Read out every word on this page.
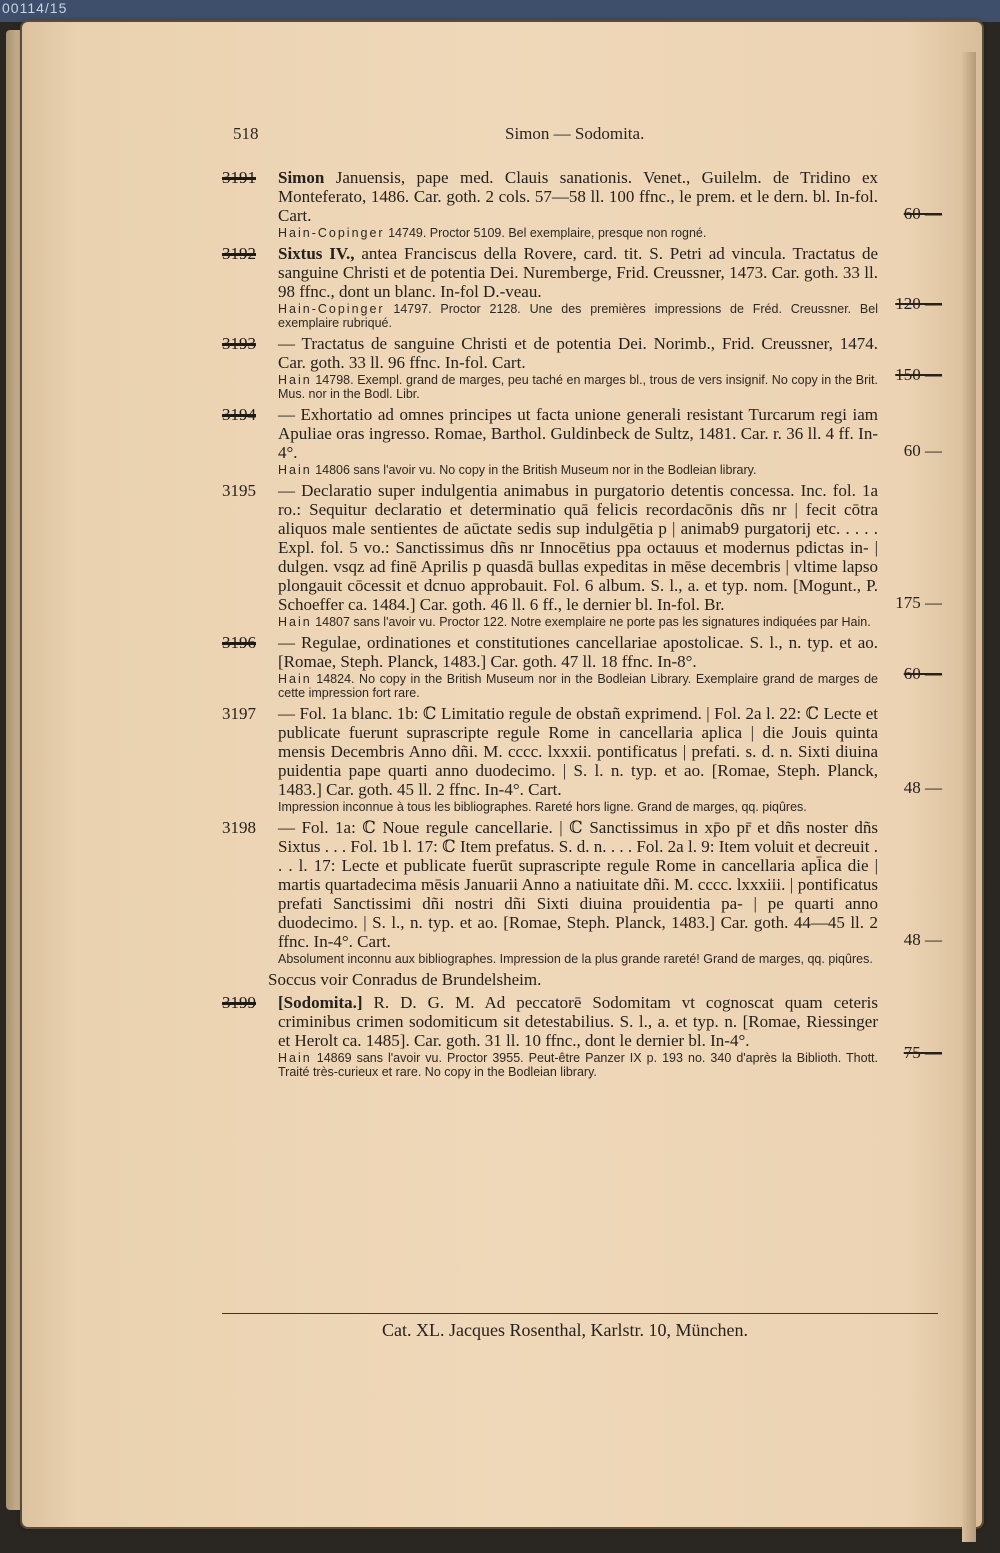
00114/15
518	Simon — Sodomita.
3191	Simon Januensis, pape med. Clauis sanationis. Venet., Guilelm. de Tridino ex Monteferato, 1486. Car. goth. 2 cols. 57—58 ll. 100 ffnc., le prem. et le dern. bl. In-fol. Cart.
Hain-Copinger 14749. Proctor 5109. Bel exemplaire, presque non rogné.
60 —
3192	Sixtus IV., antea Franciscus della Rovere, card. tit. S. Petri ad vincula. Tractatus de sanguine Christi et de potentia Dei. Nuremberge, Frid. Creussner, 1473. Car. goth. 33 ll. 98 ffnc., dont un blanc. In-fol D.-veau.
Hain-Copinger 14797. Proctor 2128. Une des premières impressions de Fréd. Creussner. Bel exemplaire rubriqué.
120 —
3193	— Tractatus de sanguine Christi et de potentia Dei. Norimb., Frid. Creussner, 1474. Car. goth. 33 ll. 96 ffnc. In-fol. Cart.
Hain 14798. Exempl. grand de marges, peu taché en marges bl., trous de vers insignif. No copy in the Brit. Mus. nor in the Bodl. Libr.
150 —
3194	— Exhortatio ad omnes principes ut facta unione generali resistant Turcarum regi iam Apuliae oras ingresso. Romae, Barthol. Guldinbeck de Sultz, 1481. Car. r. 36 ll. 4 ff. In-4°.
Hain 14806 sans l'avoir vu. No copy in the British Museum nor in the Bodleian library.
60 —
3195	— Declaratio super indulgentia animabus in purgatorio detentis concessa. Inc. fol. 1a ro.: Sequitur declaratio et determinatio quā felicis recordacōnis dñs nr | fecit cōtra aliquos male sentientes de aūctate sedis sup indulgētia p | animab9 purgatorij etc. . . . . Expl. fol. 5 vo.: Sanctissimus dñs nr Innocētius ppa octauus et modernus pdictas in- | dulgen. vsqz ad finē Aprilis p quasdā bullas expeditas in mēse decembris | vltime lapso plongauit cōcessit et dcnuo approbauit. Fol. 6 album. S. l., a. et typ. nom. [Mogunt., P. Schoeffer ca. 1484.] Car. goth. 46 ll. 6 ff., le dernier bl. In-fol. Br.
Hain 14807 sans l'avoir vu. Proctor 122. Notre exemplaire ne porte pas les signatures indiquées par Hain.
175 —
3196	— Regulae, ordinationes et constitutiones cancellariae apostolicae. S. l., n. typ. et ao. [Romae, Steph. Planck, 1483.] Car. goth. 47 ll. 18 ffnc. In-8°.
Hain 14824. No copy in the British Museum nor in the Bodleian Library. Exemplaire grand de marges de cette impression fort rare.
60 —
3197	— Fol. 1a blanc. 1b: ℂ Limitatio regule de obstañ exprimend. | Fol. 2a l. 22: ℂ Lecte et publicate fuerunt suprascripte regule Rome in cancellaria aplica | die Jouis quinta mensis Decembris Anno dñi. M. cccc. lxxxii. pontificatus | prefati. s. d. n. Sixti diuina puidentia pape quarti anno duodecimo. | S. l. n. typ. et ao. [Romae, Steph. Planck, 1483.] Car. goth. 45 ll. 2 ffnc. In-4°. Cart.
Impression inconnue à tous les bibliographes. Rareté hors ligne. Grand de marges, qq. piqûres.
48 —
3198	— Fol. 1a: ℂ Noue regule cancellarie. | ℂ Sanctissimus in xp̄o pr̄ et dñs noster dñs Sixtus . . . Fol. 1b l. 17: ℂ Item prefatus. S. d. n. . . . Fol. 2a l. 9: Item voluit et decreuit . . . l. 17: Lecte et publicate fuerūt suprascripte regule Rome in cancellaria apl̄ica die | martis quartadecima mēsis Januarii Anno a natiuitate dñi. M. cccc. lxxxiii. | pontificatus prefati Sanctissimi dñi nostri dñi Sixti diuina prouidentia pa- | pe quarti anno duodecimo. | S. l., n. typ. et ao. [Romae, Steph. Planck, 1483.] Car. goth. 44—45 ll. 2 ffnc. In-4°. Cart.
Absolument inconnu aux bibliographes. Impression de la plus grande rareté! Grand de marges, qq. piqûres.
48 —
Soccus voir Conradus de Brundelsheim.
3199	[Sodomita.] R. D. G. M. Ad peccatorē Sodomitam vt cognoscat quam ceteris criminibus crimen sodomiticum sit detestabilius. S. l., a. et typ. n. [Romae, Riessinger et Herolt ca. 1485]. Car. goth. 31 ll. 10 ffnc., dont le dernier bl. In-4°.
Hain 14869 sans l'avoir vu. Proctor 3955. Peut-être Panzer IX p. 193 no. 340 d'après la Biblioth. Thott. Traité très-curieux et rare. No copy in the Bodleian library.
75 —
Cat. XL. Jacques Rosenthal, Karlstr. 10, München.
